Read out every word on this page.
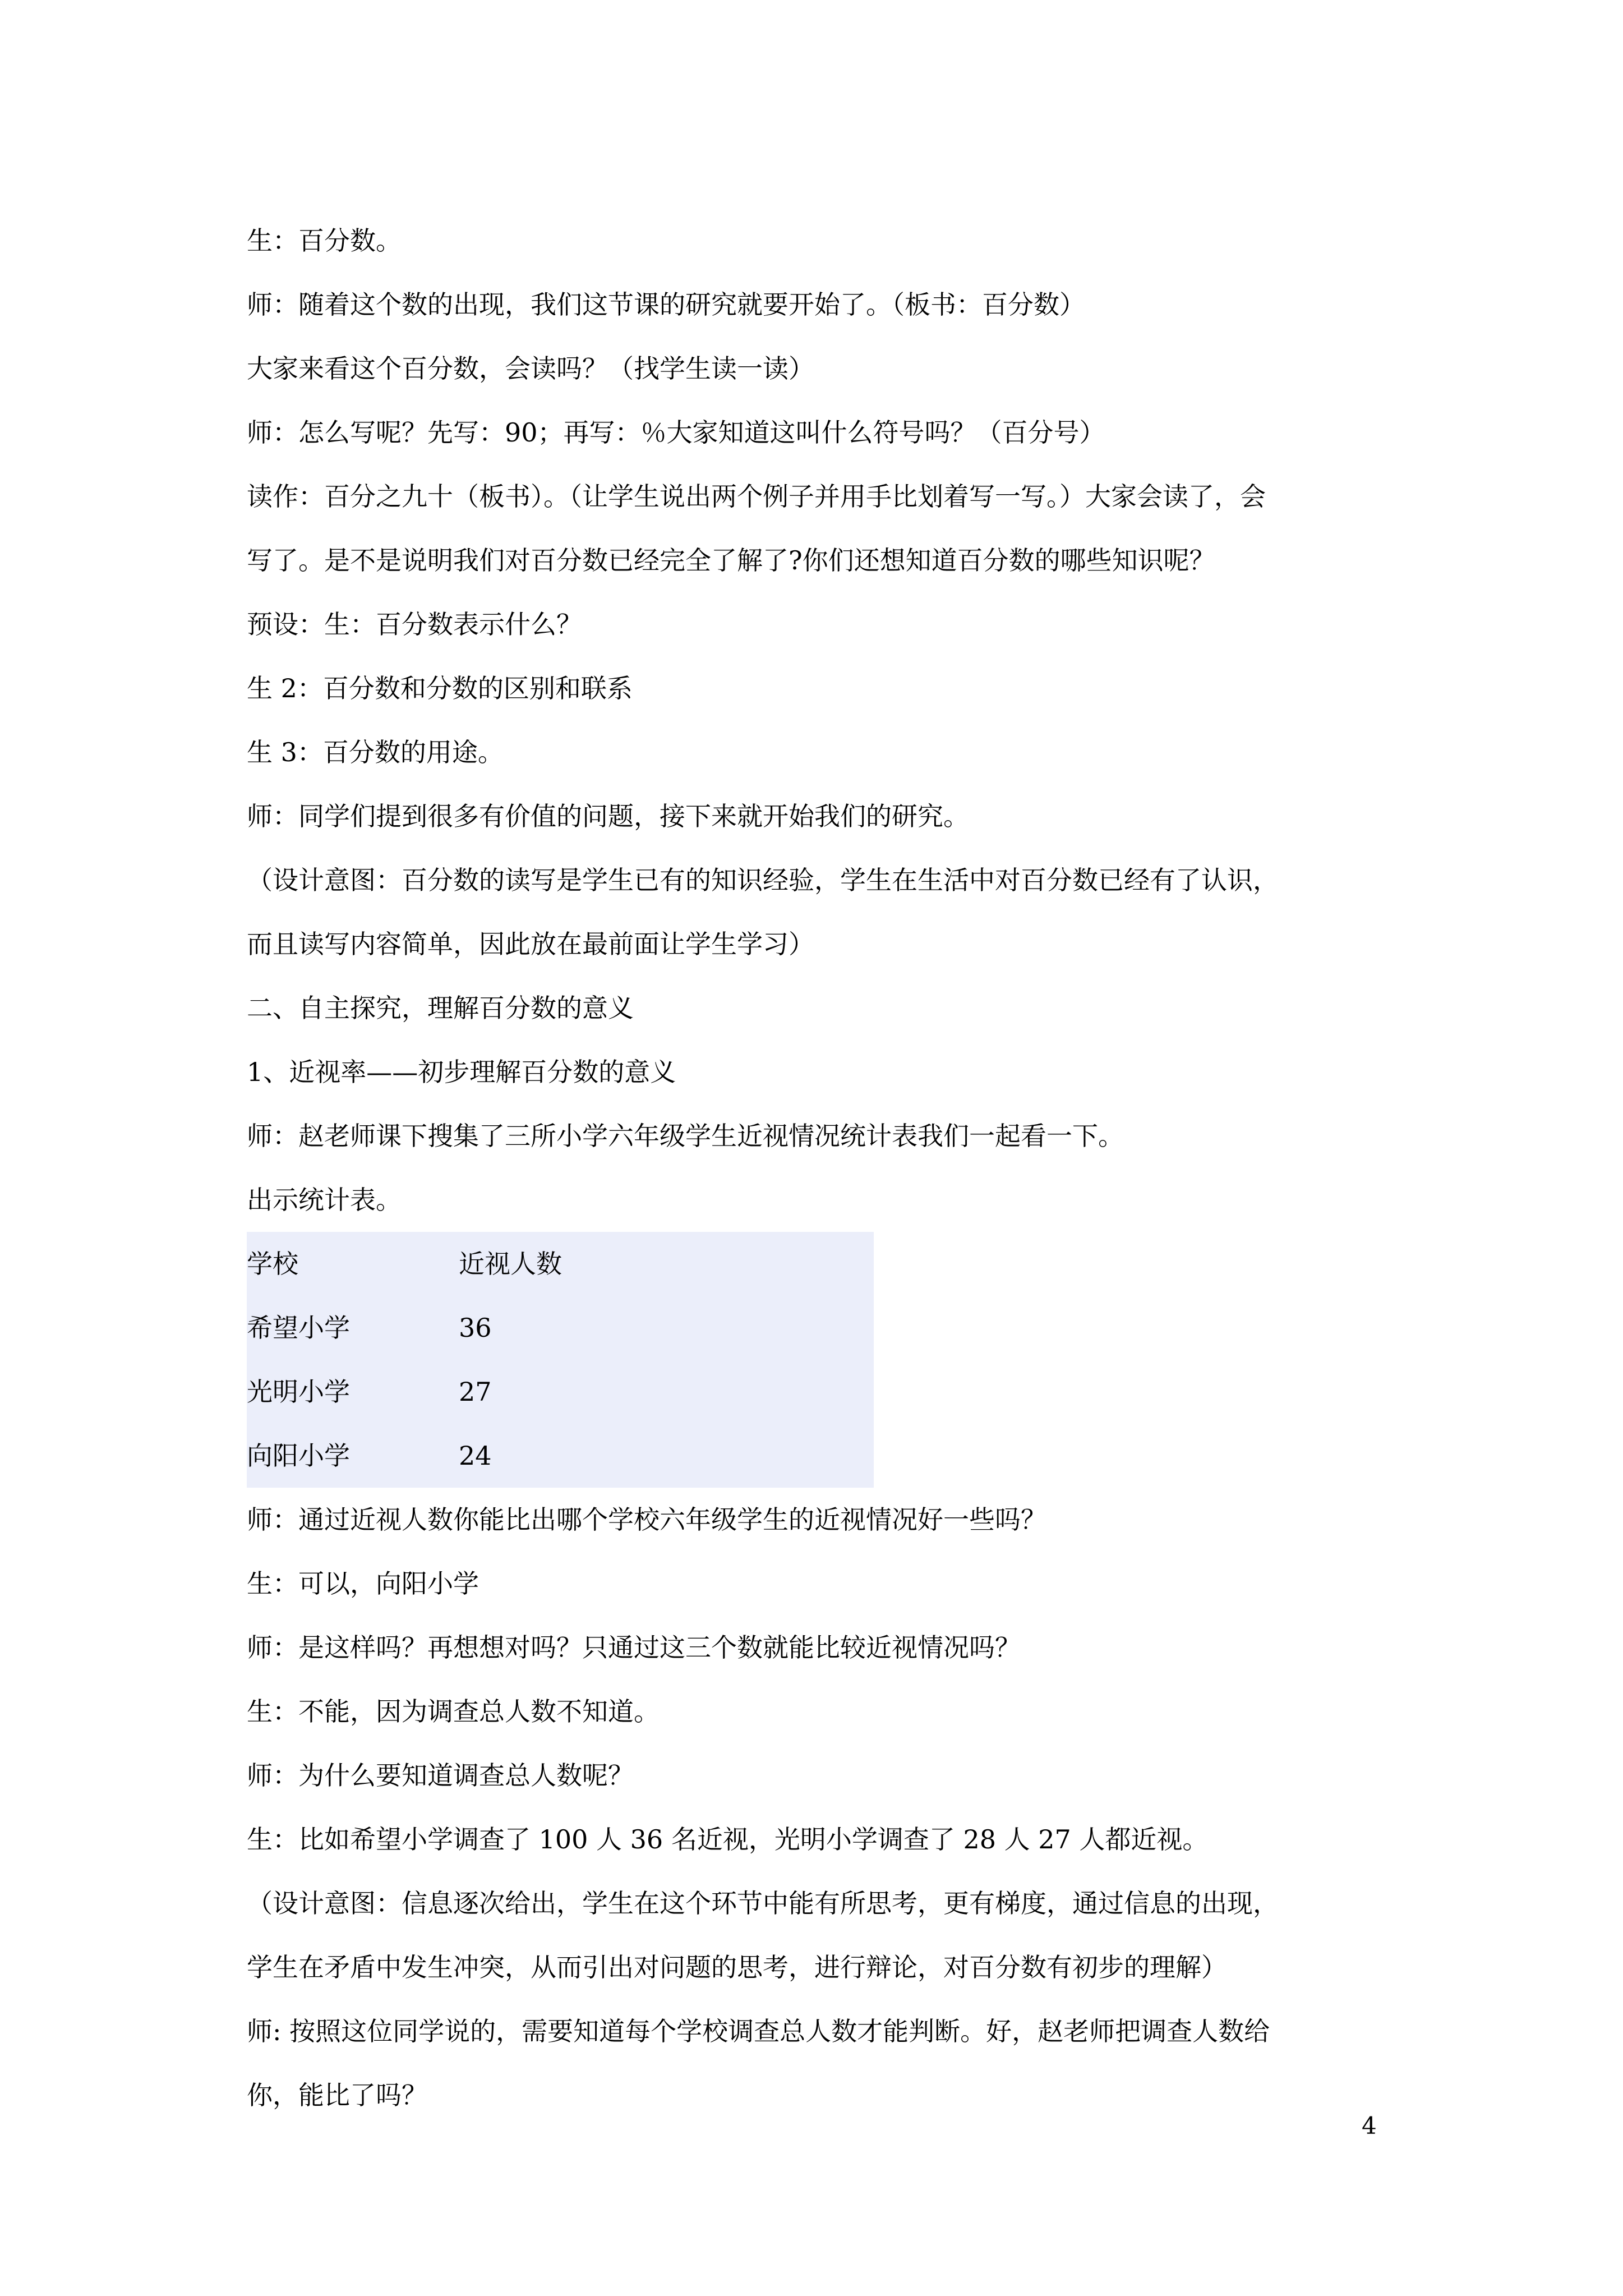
生：百分数。
师：随着这个数的出现，我们这节课的研究就要开始了。（板书：百分数）
大家来看这个百分数，会读吗？（找学生读一读）
师：怎么写呢？先写：90；再写：％大家知道这叫什么符号吗？（百分号）
读作：百分之九十（板书）。（让学生说出两个例子并用手比划着写一写。）大家会读了，会
写了。是不是说明我们对百分数已经完全了解了?你们还想知道百分数的哪些知识呢？
预设：生：百分数表示什么？
生 2：百分数和分数的区别和联系
生 3：百分数的用途。
师：同学们提到很多有价值的问题，接下来就开始我们的研究。
（设计意图：百分数的读写是学生已有的知识经验，学生在生活中对百分数已经有了认识，
而且读写内容简单，因此放在最前面让学生学习）
二、自主探究，理解百分数的意义
1、近视率——初步理解百分数的意义
师：赵老师课下搜集了三所小学六年级学生近视情况统计表我们一起看一下。
出示统计表。
学校	近视人数
希望小学	36
光明小学	27
向阳小学	24
师：通过近视人数你能比出哪个学校六年级学生的近视情况好一些吗？
生：可以，向阳小学
师：是这样吗？再想想对吗？只通过这三个数就能比较近视情况吗？
生：不能，因为调查总人数不知道。
师：为什么要知道调查总人数呢？
生：比如希望小学调查了 100 人 36 名近视，光明小学调查了 28 人 27 人都近视。
（设计意图：信息逐次给出，学生在这个环节中能有所思考，更有梯度，通过信息的出现，
学生在矛盾中发生冲突，从而引出对问题的思考，进行辩论，对百分数有初步的理解）
师: 按照这位同学说的，需要知道每个学校调查总人数才能判断。好，赵老师把调查人数给
你，能比了吗？
4
